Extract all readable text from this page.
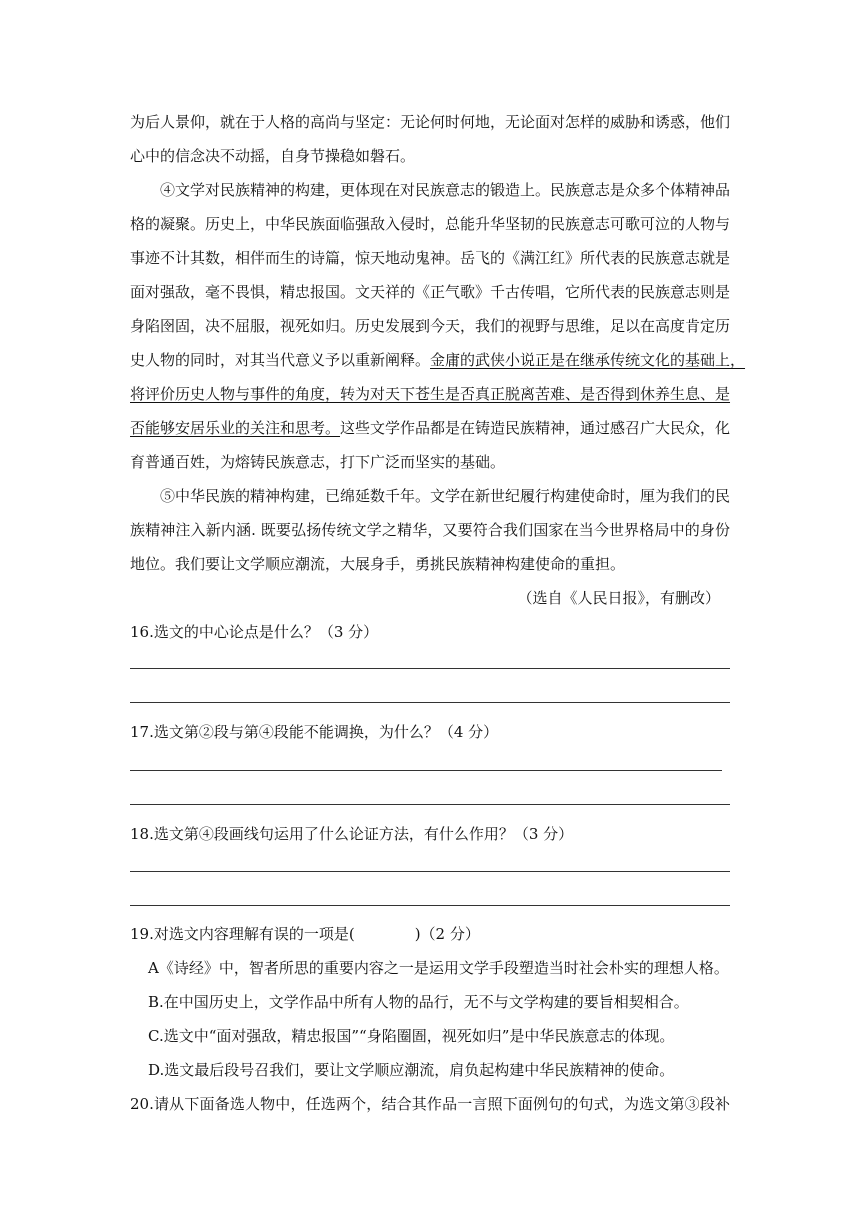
为后人景仰，就在于人格的高尚与坚定：无论何时何地，无论面对怎样的威胁和诱惑，他们
心中的信念决不动摇，自身节操稳如磐石。
④文学对民族精神的构建，更体现在对民族意志的锻造上。民族意志是众多个体精神品
格的凝聚。历史上，中华民族面临强敌入侵时，总能升华坚韧的民族意志可歌可泣的人物与
事迹不计其数，相伴而生的诗篇，惊天地动鬼神。岳飞的《满江红》所代表的民族意志就是
面对强敌，毫不畏惧，精忠报国。文天祥的《正气歌》千古传唱，它所代表的民族意志则是
身陷囹固，决不屈服，视死如归。历史发展到今天，我们的视野与思维，足以在高度肯定历
史人物的同时，对其当代意义予以重新阐释。金庸的武侠小说正是在继承传统文化的基础上，
将评价历史人物与事件的角度，转为对天下苍生是否真正脱离苦难、是否得到休养生息、是
否能够安居乐业的关注和思考。这些文学作品都是在铸造民族精神，通过感召广大民众，化
育普通百姓，为熔铸民族意志，打下广泛而坚实的基础。
⑤中华民族的精神构建，已绵延数千年。文学在新世纪履行构建使命时，厘为我们的民
族精神注入新内涵. 既要弘扬传统文学之精华，又要符合我们国家在当今世界格局中的身份
地位。我们要让文学顺应潮流，大展身手，勇挑民族精神构建使命的重担。
（选自《人民日报》，有删改）
16.选文的中心论点是什么？（3 分）
17.选文第②段与第④段能不能调换，为什么？（4 分）
18.选文第④段画线句运用了什么论证方法，有什么作用？（3 分）
19.对选文内容理解有误的一项是(　　　　)（2 分）
A《诗经》中，智者所思的重要内容之一是运用文学手段塑造当时社会朴实的理想人格。
B.在中国历史上，文学作品中所有人物的品行，无不与文学构建的要旨相契相合。
C.选文中“面对强敌，精忠报国”“身陷圈圄，视死如归”是中华民族意志的体现。
D.选文最后段号召我们，要让文学顺应潮流，肩负起构建中华民族精神的使命。
20.请从下面备选人物中，任选两个，结合其作品一言照下面例句的句式，为选文第③段补
